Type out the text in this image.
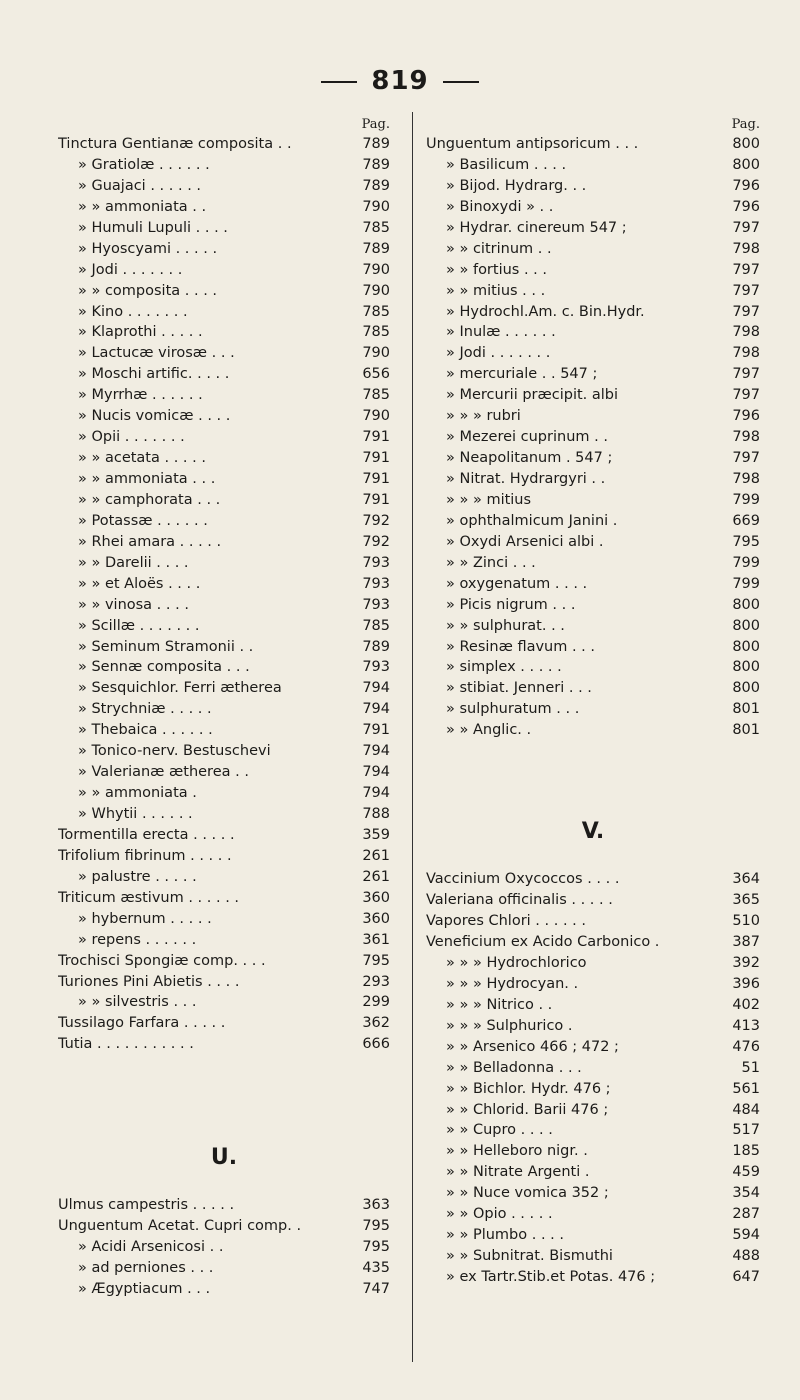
819
Pag.
Tinctura Gentianæ composita . .	789
» Gratiolæ . . . . . .	789
» Guajaci . . . . . .	789
» » ammoniata . .	790
» Humuli Lupuli . . . .	785
» Hyoscyami . . . . .	789
» Jodi . . . . . . .	790
» » composita . . . .	790
» Kino . . . . . . .	785
» Klaprothi . . . . .	785
» Lactucæ virosæ . . .	790
» Moschi artific. . . . .	656
» Myrrhæ . . . . . .	785
» Nucis vomicæ . . . .	790
» Opii . . . . . . .	791
» » acetata . . . . .	791
» » ammoniata . . .	791
» » camphorata . . .	791
» Potassæ . . . . . .	792
» Rhei amara . . . . .	792
» » Darelii . . . .	793
» » et Aloës . . . .	793
» » vinosa . . . .	793
» Scillæ . . . . . . .	785
» Seminum Stramonii . .	789
» Sennæ composita . . .	793
» Sesquichlor. Ferri ætherea	794
» Strychniæ . . . . .	794
» Thebaica . . . . . .	791
» Tonico-nerv. Bestuschevi	794
» Valerianæ ætherea . .	794
» » ammoniata .	794
» Whytii . . . . . .	788
Tormentilla erecta . . . . .	359
Trifolium fibrinum . . . . .	261
» palustre . . . . .	261
Triticum æstivum . . . . . .	360
» hybernum . . . . .	360
» repens . . . . . .	361
Trochisci Spongiæ comp. . . .	795
Turiones Pini Abietis . . . .	293
» » silvestris . . .	299
Tussilago Farfara . . . . .	362
Tutia . . . . . . . . . . .	666
U.
Ulmus campestris . . . . .	363
Unguentum Acetat. Cupri comp. .	795
» Acidi Arsenicosi . .	795
» ad perniones . . .	435
» Ægyptiacum . . .	747
Pag.
Unguentum antipsoricum . . .	800
» Basilicum . . . .	800
» Bijod. Hydrarg. . .	796
» Binoxydi » . .	796
» Hydrar. cinereum 547 ;	797
» » citrinum . .	798
» » fortius . . .	797
» » mitius . . .	797
» Hydrochl.Am. c. Bin.Hydr.	797
» Inulæ . . . . . .	798
» Jodi . . . . . . .	798
» mercuriale . . 547 ;	797
» Mercurii præcipit. albi	797
» » » rubri	796
» Mezerei cuprinum . .	798
» Neapolitanum . 547 ;	797
» Nitrat. Hydrargyri . .	798
» » » mitius	799
» ophthalmicum Janini .	669
» Oxydi Arsenici albi .	795
» » Zinci . . .	799
» oxygenatum . . . .	799
» Picis nigrum . . .	800
» » sulphurat. . .	800
» Resinæ flavum . . .	800
» simplex . . . . .	800
» stibiat. Jenneri . . .	800
» sulphuratum . . .	801
» » Anglic. .	801
V.
Vaccinium Oxycoccos . . . .	364
Valeriana officinalis . . . . .	365
Vapores Chlori . . . . . .	510
Veneficium ex Acido Carbonico .	387
» » » Hydrochlorico	392
» » » Hydrocyan. .	396
» » » Nitrico . .	402
» » » Sulphurico .	413
» » Arsenico 466 ; 472 ;	476
» » Belladonna . . .	51
» » Bichlor. Hydr. 476 ;	561
» » Chlorid. Barii 476 ;	484
» » Cupro . . . .	517
» » Helleboro nigr. .	185
» » Nitrate Argenti .	459
» » Nuce vomica 352 ;	354
» » Opio . . . . .	287
» » Plumbo . . . .	594
» » Subnitrat. Bismuthi	488
» ex Tartr.Stib.et Potas. 476 ;	647
